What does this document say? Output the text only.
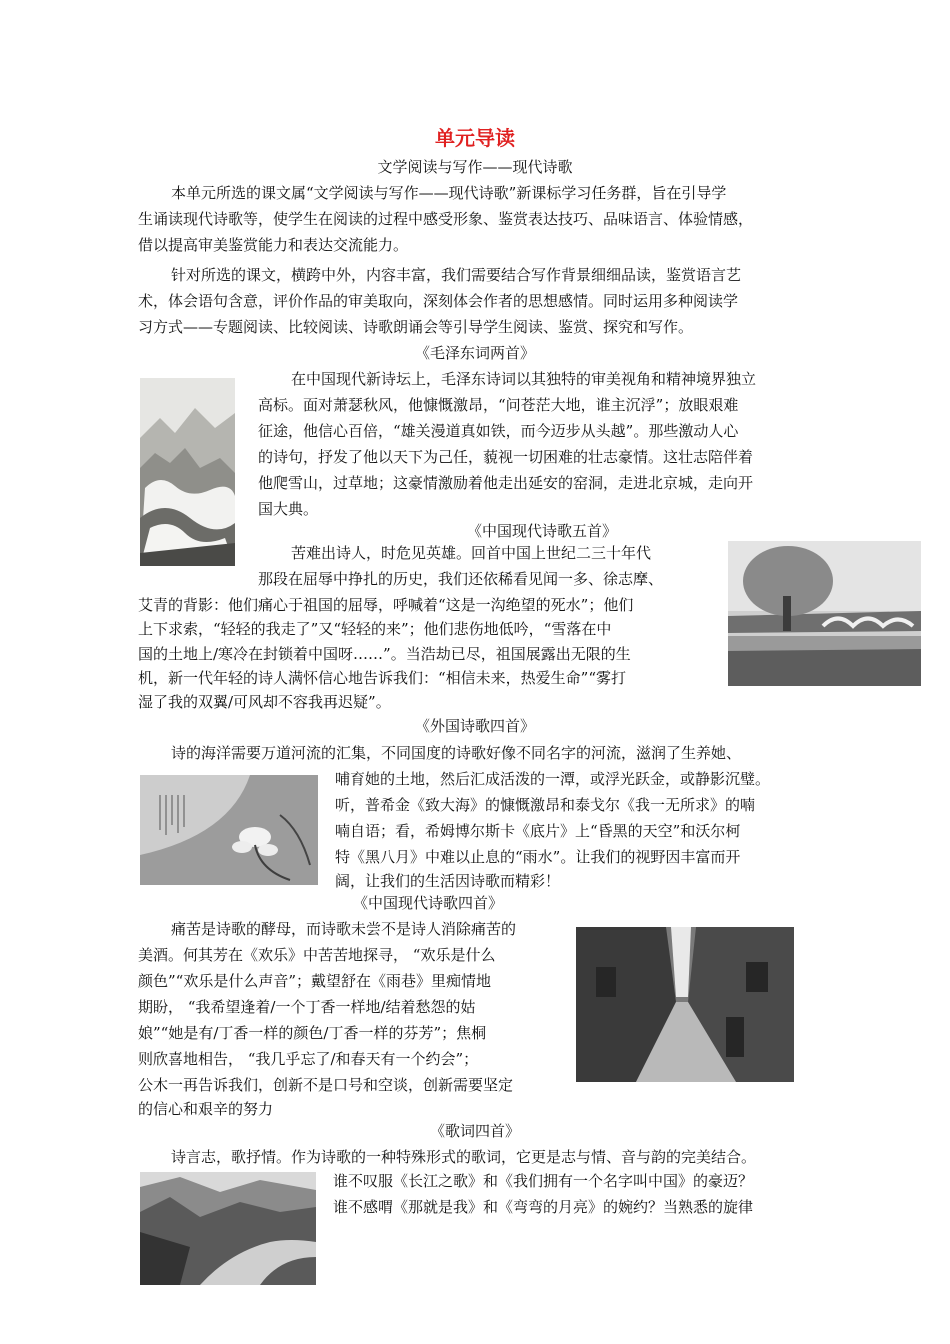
单元导读

文学阅读与写作——现代诗歌

本单元所选的课文属“文学阅读与写作——现代诗歌”新课标学习任务群，旨在引导学

生诵读现代诗歌等，使学生在阅读的过程中感受形象、鉴赏表达技巧、品味语言、体验情感，

借以提高审美鉴赏能力和表达交流能力。

针对所选的课文，横跨中外，内容丰富，我们需要结合写作背景细细品读，鉴赏语言艺

术，体会语句含意，评价作品的审美取向，深刻体会作者的思想感情。同时运用多种阅读学

习方式——专题阅读、比较阅读、诗歌朗诵会等引导学生阅读、鉴赏、探究和写作。

《毛泽东词两首》

在中国现代新诗坛上，毛泽东诗词以其独特的审美视角和精神境界独立

高标。面对萧瑟秋风，他慷慨激昂，“问苍茫大地，谁主沉浮”；放眼艰难

征途，他信心百倍，“雄关漫道真如铁，而今迈步从头越”。那些激动人心

的诗句，抒发了他以天下为己任，藐视一切困难的壮志豪情。这壮志陪伴着

他爬雪山，过草地；这豪情激励着他走出延安的窑洞，走进北京城，走向开

国大典。

《中国现代诗歌五首》

苦难出诗人，时危见英雄。回首中国上世纪二三十年代

那段在屈辱中挣扎的历史，我们还依稀看见闻一多、徐志摩、

艾青的背影：他们痛心于祖国的屈辱，呼喊着“这是一沟绝望的死水”；他们

上下求索，“轻轻的我走了”又“轻轻的来”；他们悲伤地低吟，“雪落在中

国的土地上/寒冷在封锁着中国呀……”。当浩劫已尽，祖国展露出无限的生

机，新一代年轻的诗人满怀信心地告诉我们：“相信未来，热爱生命”“雾打

湿了我的双翼/可风却不容我再迟疑”。

《外国诗歌四首》

诗的海洋需要万道河流的汇集，不同国度的诗歌好像不同名字的河流，滋润了生养她、

哺育她的土地，然后汇成活泼的一潭，或浮光跃金，或静影沉璧。

听，普希金《致大海》的慷慨激昂和泰戈尔《我一无所求》的喃

喃自语；看，希姆博尔斯卡《底片》上“昏黑的天空”和沃尔柯

特《黑八月》中难以止息的“雨水”。让我们的视野因丰富而开

阔，让我们的生活因诗歌而精彩！

《中国现代诗歌四首》

痛苦是诗歌的酵母，而诗歌未尝不是诗人消除痛苦的

美酒。何其芳在《欢乐》中苦苦地探寻， “欢乐是什么

颜色”“欢乐是什么声音”；戴望舒在《雨巷》里痴情地

期盼， “我希望逢着/一个丁香一样地/结着愁怨的姑

娘”“她是有/丁香一样的颜色/丁香一样的芬芳”；焦桐

则欣喜地相告， “我几乎忘了/和春天有一个约会”；

公木一再告诉我们，创新不是口号和空谈，创新需要坚定

的信心和艰辛的努力

《歌词四首》

诗言志，歌抒情。作为诗歌的一种特殊形式的歌词，它更是志与情、音与韵的完美结合。

谁不叹服《长江之歌》和《我们拥有一个名字叫中国》的豪迈？

谁不感喟《那就是我》和《弯弯的月亮》的婉约？当熟悉的旋律
